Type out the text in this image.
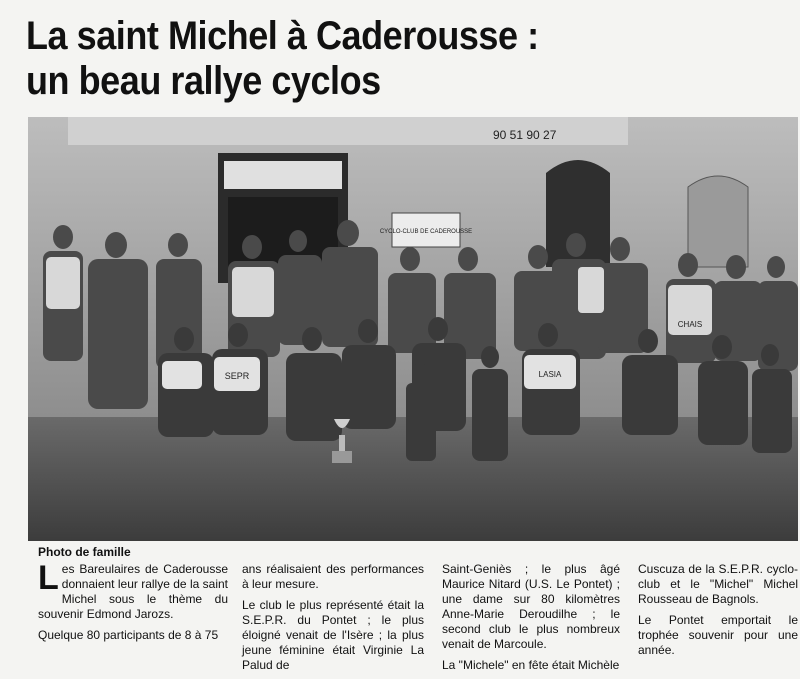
La saint Michel à Caderousse :
un beau rallye cyclos
90 51 90 27
CYCLO-CLUB DE CADEROUSSE
CHAIS
SEPR	LASIA

Photo de famille

Les Bareulaires de Caderousse donnaient leur rallye de la saint Michel sous le thème du souvenir Edmond Jarozs.

Quelque 80 participants de 8 à 75

ans réalisaient des performances à leur mesure.

Le club le plus représenté était la S.E.P.R. du Pontet ; le plus éloigné venait de l'Isère ; la plus jeune féminine était Virginie La Palud de

Saint-Geniès ; le plus âgé Maurice Nitard (U.S. Le Pontet) ; une dame sur 80 kilomètres Anne-Marie Deroudilhe ; le second club le plus nombreux venait de Marcoule.

La "Michele" en fête était Michèle

Cuscuza de la S.E.P.R. cyclo-club et le "Michel" Michel Rousseau de Bagnols.

Le Pontet emportait le trophée souvenir pour une année.
